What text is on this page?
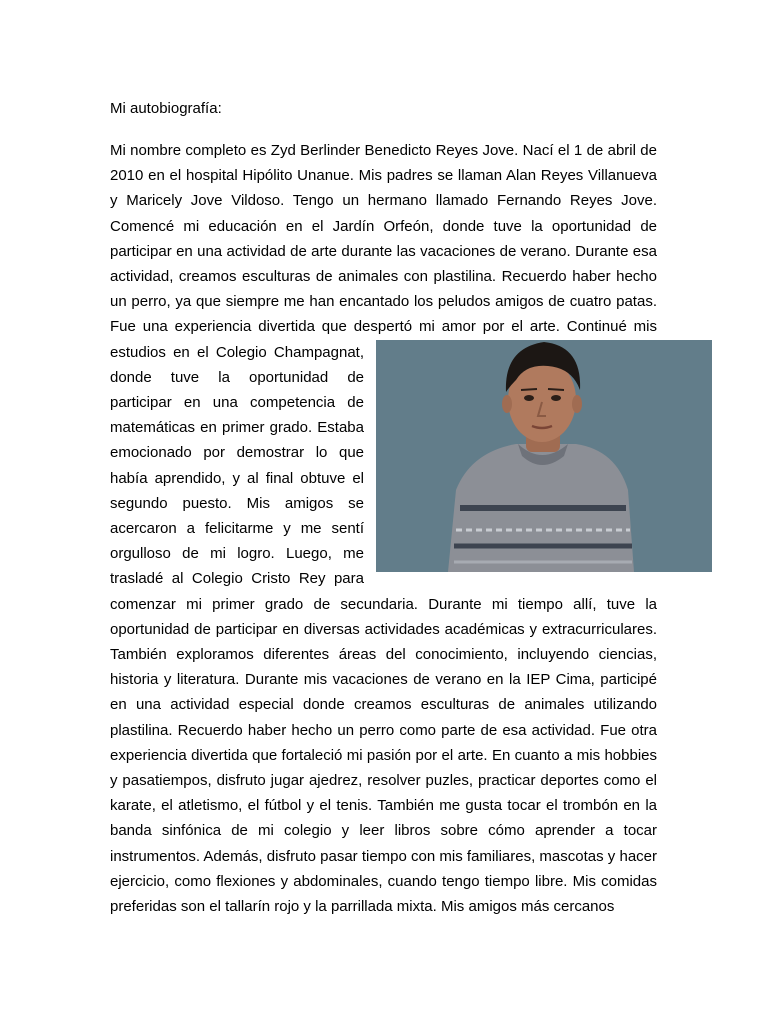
Mi autobiografía:

Mi nombre completo es Zyd Berlinder Benedicto Reyes Jove. Nací el 1 de abril de 2010 en el hospital Hipólito Unanue. Mis padres se llaman Alan Reyes Villanueva y Maricely Jove Vildoso. Tengo un hermano llamado Fernando Reyes Jove. Comencé mi educación en el Jardín Orfeón, donde tuve la oportunidad de participar en una actividad de arte durante las vacaciones de verano. Durante esa actividad, creamos esculturas de animales con plastilina. Recuerdo haber hecho un perro, ya que siempre me han encantado los peludos amigos de cuatro patas. Fue una experiencia divertida que despertó mi amor por el arte. Continué mis estudios en el Colegio Champagnat, donde tuve la oportunidad de participar en una competencia de matemáticas en primer grado. Estaba emocionado por demostrar lo que había aprendido, y al final obtuve el segundo puesto. Mis amigos se acercaron a felicitarme y me sentí orgulloso de mi logro. Luego, me trasladé al Colegio Cristo Rey para comenzar mi primer grado de secundaria. Durante mi tiempo allí, tuve la oportunidad de participar en diversas actividades académicas y extracurriculares. También exploramos diferentes áreas del conocimiento, incluyendo ciencias, historia y literatura. Durante mis vacaciones de verano en la IEP Cima, participé en una actividad especial donde creamos esculturas de animales utilizando plastilina. Recuerdo haber hecho un perro como parte de esa actividad. Fue otra experiencia divertida que fortaleció mi pasión por el arte. En cuanto a mis hobbies y pasatiempos, disfruto jugar ajedrez, resolver puzles, practicar deportes como el karate, el atletismo, el fútbol y el tenis. También me gusta tocar el trombón en la banda sinfónica de mi colegio y leer libros sobre cómo aprender a tocar instrumentos. Además, disfruto pasar tiempo con mis familiares, mascotas y hacer ejercicio, como flexiones y abdominales, cuando tengo tiempo libre. Mis comidas preferidas son el tallarín rojo y la parrillada mixta. Mis amigos más cercanos
